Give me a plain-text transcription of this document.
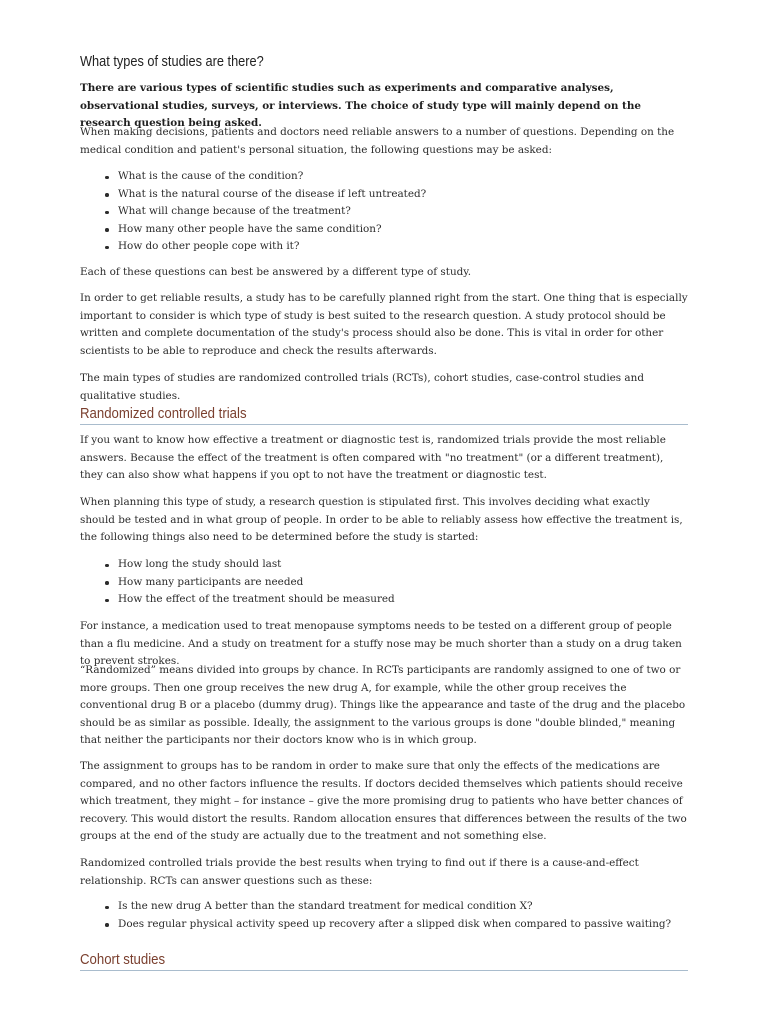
What types of studies are there?

There are various types of scientific studies such as experiments and comparative analyses, observational studies, surveys, or interviews. The choice of study type will mainly depend on the research question being asked.

When making decisions, patients and doctors need reliable answers to a number of questions. Depending on the medical condition and patient's personal situation, the following questions may be asked:

What is the cause of the condition?
What is the natural course of the disease if left untreated?
What will change because of the treatment?
How many other people have the same condition?
How do other people cope with it?

Each of these questions can best be answered by a different type of study.

In order to get reliable results, a study has to be carefully planned right from the start. One thing that is especially important to consider is which type of study is best suited to the research question. A study protocol should be written and complete documentation of the study's process should also be done. This is vital in order for other scientists to be able to reproduce and check the results afterwards.

The main types of studies are randomized controlled trials (RCTs), cohort studies, case-control studies and qualitative studies.

Randomized controlled trials

If you want to know how effective a treatment or diagnostic test is, randomized trials provide the most reliable answers. Because the effect of the treatment is often compared with "no treatment" (or a different treatment), they can also show what happens if you opt to not have the treatment or diagnostic test.

When planning this type of study, a research question is stipulated first. This involves deciding what exactly should be tested and in what group of people. In order to be able to reliably assess how effective the treatment is, the following things also need to be determined before the study is started:

How long the study should last
How many participants are needed
How the effect of the treatment should be measured

For instance, a medication used to treat menopause symptoms needs to be tested on a different group of people than a flu medicine. And a study on treatment for a stuffy nose may be much shorter than a study on a drug taken to prevent strokes.

“Randomized” means divided into groups by chance. In RCTs participants are randomly assigned to one of two or more groups. Then one group receives the new drug A, for example, while the other group receives the conventional drug B or a placebo (dummy drug). Things like the appearance and taste of the drug and the placebo should be as similar as possible. Ideally, the assignment to the various groups is done "double blinded," meaning that neither the participants nor their doctors know who is in which group.

The assignment to groups has to be random in order to make sure that only the effects of the medications are compared, and no other factors influence the results. If doctors decided themselves which patients should receive which treatment, they might – for instance – give the more promising drug to patients who have better chances of recovery. This would distort the results. Random allocation ensures that differences between the results of the two groups at the end of the study are actually due to the treatment and not something else.

Randomized controlled trials provide the best results when trying to find out if there is a cause-and-effect relationship. RCTs can answer questions such as these:

Is the new drug A better than the standard treatment for medical condition X?
Does regular physical activity speed up recovery after a slipped disk when compared to passive waiting?
Cohort studies
